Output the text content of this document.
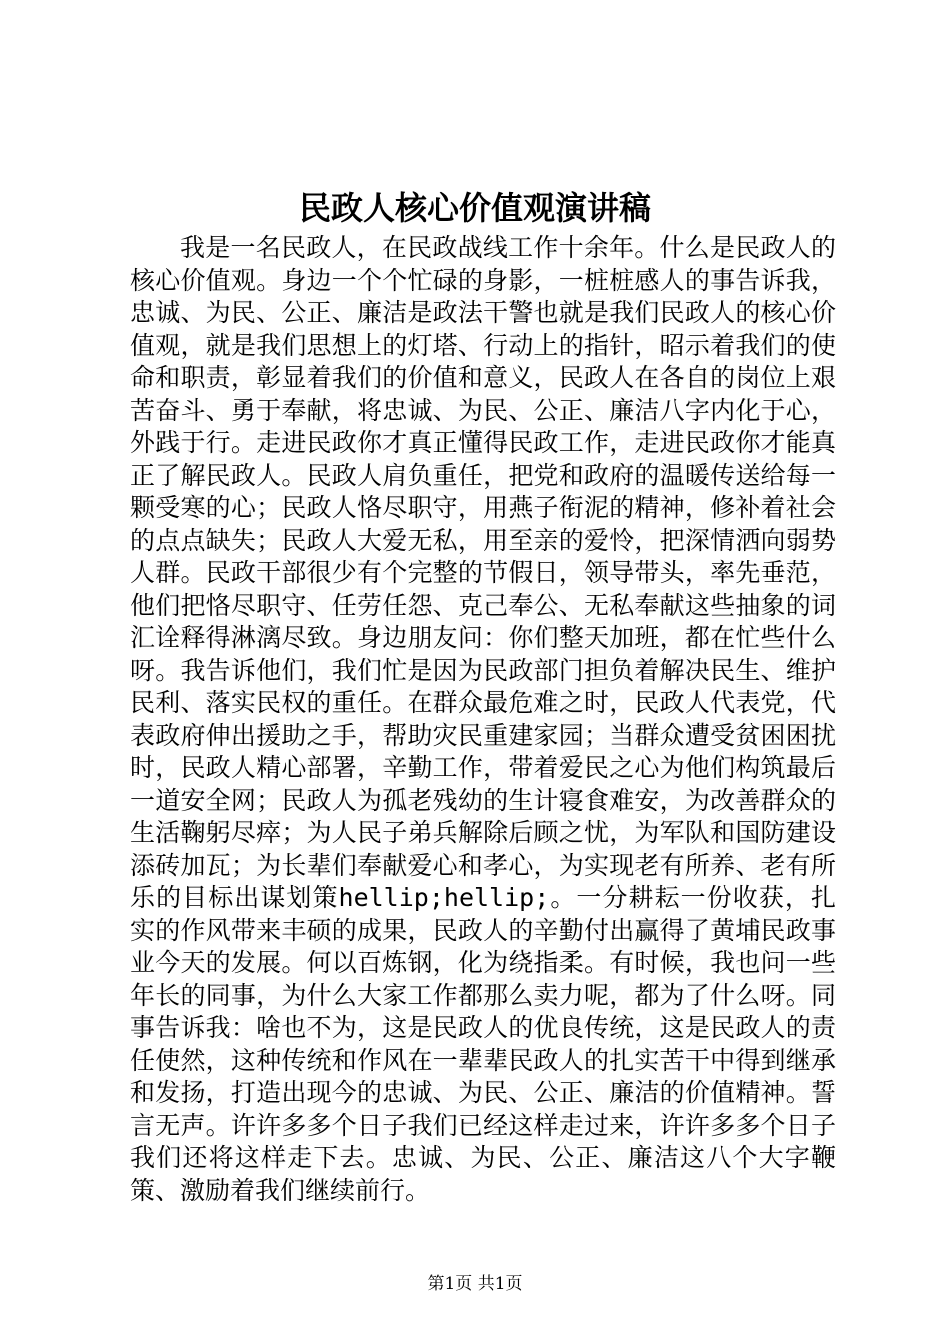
民政人核心价值观演讲稿

我是一名民政人，在民政战线工作十余年。什么是民政人的核心价值观。身边一个个忙碌的身影，一桩桩感人的事告诉我，忠诚、为民、公正、廉洁是政法干警也就是我们民政人的核心价值观，就是我们思想上的灯塔、行动上的指针，昭示着我们的使命和职责，彰显着我们的价值和意义，民政人在各自的岗位上艰苦奋斗、勇于奉献，将忠诚、为民、公正、廉洁八字内化于心，外践于行。走进民政你才真正懂得民政工作，走进民政你才能真正了解民政人。民政人肩负重任，把党和政府的温暖传送给每一颗受寒的心；民政人恪尽职守，用燕子衔泥的精神，修补着社会的点点缺失；民政人大爱无私，用至亲的爱怜，把深情洒向弱势人群。民政干部很少有个完整的节假日，领导带头，率先垂范，他们把恪尽职守、任劳任怨、克己奉公、无私奉献这些抽象的词汇诠释得淋漓尽致。身边朋友问：你们整天加班，都在忙些什么呀。我告诉他们，我们忙是因为民政部门担负着解决民生、维护民利、落实民权的重任。在群众最危难之时，民政人代表党，代表政府伸出援助之手，帮助灾民重建家园；当群众遭受贫困困扰时，民政人精心部署，辛勤工作，带着爱民之心为他们构筑最后一道安全网；民政人为孤老残幼的生计寝食难安，为改善群众的生活鞠躬尽瘁；为人民子弟兵解除后顾之忧，为军队和国防建设添砖加瓦；为长辈们奉献爱心和孝心，为实现老有所养、老有所乐的目标出谋划策hellip;hellip;。一分耕耘一份收获，扎实的作风带来丰硕的成果，民政人的辛勤付出赢得了黄埔民政事业今天的发展。何以百炼钢，化为绕指柔。有时候，我也问一些年长的同事，为什么大家工作都那么卖力呢，都为了什么呀。同事告诉我：啥也不为，这是民政人的优良传统，这是民政人的责任使然，这种传统和作风在一辈辈民政人的扎实苦干中得到继承和发扬，打造出现今的忠诚、为民、公正、廉洁的价值精神。誓言无声。许许多多个日子我们已经这样走过来，许许多多个日子我们还将这样走下去。忠诚、为民、公正、廉洁这八个大字鞭策、激励着我们继续前行。

第1页 共1页
